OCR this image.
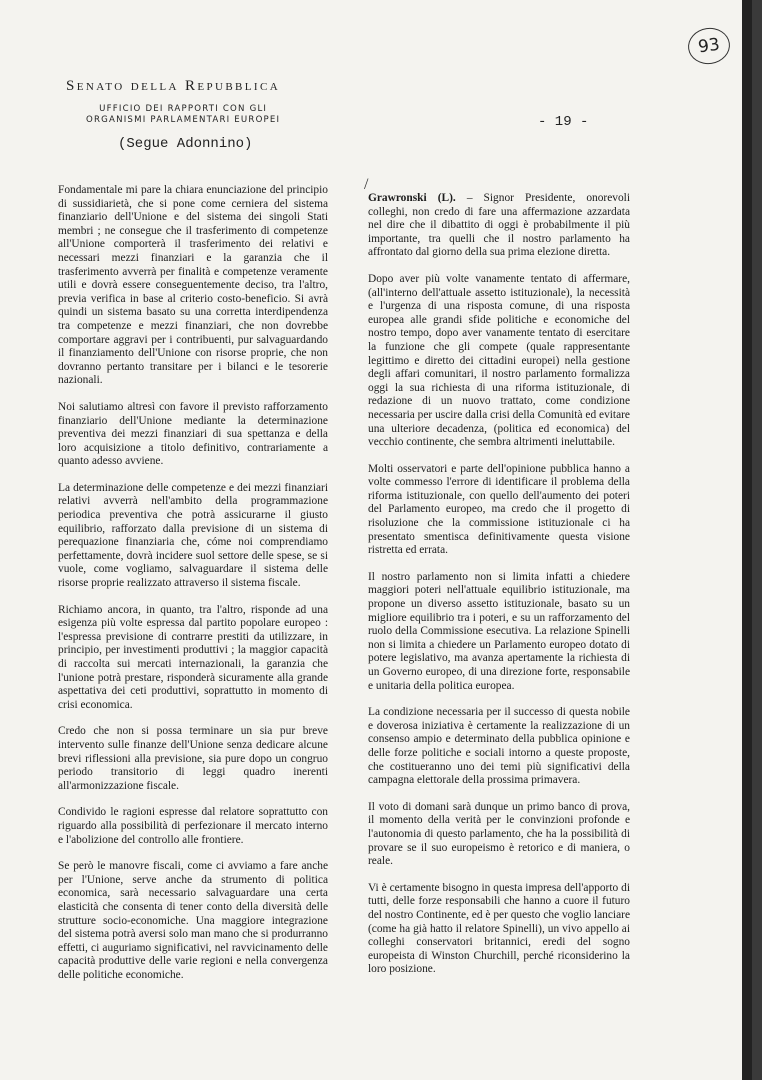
93
Senato della Repubblica
UFFICIO DEI RAPPORTI CON GLI
ORGANISMI PARLAMENTARI EUROPEI
(Segue Adonnino)
- 19 -

Fondamentale mi pare la chiara enunciazione del principio di sussidiarietà, che si pone come cerniera del sistema finanziario dell'Unione e del sistema dei singoli Stati membri ; ne consegue che il trasferimento di competenze all'Unione comporterà il trasferimento dei relativi e necessari mezzi finanziari e la garanzia che il trasferimento avverrà per finalità e competenze veramente utili e dovrà essere conseguentemente deciso, tra l'altro, previa verifica in base al criterio costo-beneficio. Si avrà quindi un sistema basato su una corretta interdipendenza tra competenze e mezzi finanziari, che non dovrebbe comportare aggravi per i contribuenti, pur salvaguardando il finanziamento dell'Unione con risorse proprie, che non dovranno pertanto transitare per i bilanci e le tesorerie nazionali.

Noi salutiamo altresì con favore il previsto rafforzamento finanziario dell'Unione mediante la determinazione preventiva dei mezzi finanziari di sua spettanza e della loro acquisizione a titolo definitivo, contrariamente a quanto adesso avviene.

La determinazione delle competenze e dei mezzi finanziari relativi avverrà nell'ambito della programmazione periodica preventiva che potrà assicurarne il giusto equilibrio, rafforzato dalla previsione di un sistema di perequazione finanziaria che, cóme noi comprendiamo perfettamente, dovrà incidere suol settore delle spese, se si vuole, come vogliamo, salvaguardare il sistema delle risorse proprie realizzato attraverso il sistema fiscale.

Richiamo ancora, in quanto, tra l'altro, risponde ad una esigenza più volte espressa dal partito popolare europeo : l'espressa previsione di contrarre prestiti da utilizzare, in principio, per investimenti produttivi ; la maggior capacità di raccolta sui mercati internazionali, la garanzia che l'unione potrà prestare, risponderà sicuramente alla grande aspettativa dei ceti produttivi, soprattutto in momento di crisi economica.

Credo che non si possa terminare un sia pur breve intervento sulle finanze dell'Unione senza dedicare alcune brevi riflessioni alla previsione, sia pure dopo un congruo periodo transitorio di leggi quadro inerenti all'armonizzazione fiscale.

Condivido le ragioni espresse dal relatore soprattutto con riguardo alla possibilità di perfezionare il mercato interno e l'abolizione del controllo alle frontiere.

Se però le manovre fiscali, come ci avviamo a fare anche per l'Unione, serve anche da strumento di politica economica, sarà necessario salvaguardare una certa elasticità che consenta di tener conto della diversità delle strutture socio-economiche. Una maggiore integrazione del sistema potrà aversi solo man mano che si produrranno effetti, ci auguriamo significativi, nel ravvicinamento delle capacità produttive delle varie regioni e nella convergenza delle politiche economiche.

/

Grawronski (L). – Signor Presidente, onorevoli colleghi, non credo di fare una affermazione azzardata nel dire che il dibattito di oggi è probabilmente il più importante, tra quelli che il nostro parlamento ha affrontato dal giorno della sua prima elezione diretta.

Dopo aver più volte vanamente tentato di affermare, (all'interno dell'attuale assetto istituzionale), la necessità e l'urgenza di una risposta comune, di una risposta europea alle grandi sfide politiche e economiche del nostro tempo, dopo aver vanamente tentato di esercitare la funzione che gli compete (quale rappresentante legittimo e diretto dei cittadini europei) nella gestione degli affari comunitari, il nostro parlamento formalizza oggi la sua richiesta di una riforma istituzionale, di redazione di un nuovo trattato, come condizione necessaria per uscire dalla crisi della Comunità ed evitare una ulteriore decadenza, (politica ed economica) del vecchio continente, che sembra altrimenti ineluttabile.

Molti osservatori e parte dell'opinione pubblica hanno a volte commesso l'errore di identificare il problema della riforma istituzionale, con quello dell'aumento dei poteri del Parlamento europeo, ma credo che il progetto di risoluzione che la commissione istituzionale ci ha presentato smentisca definitivamente questa visione ristretta ed errata.

Il nostro parlamento non si limita infatti a chiedere maggiori poteri nell'attuale equilibrio istituzionale, ma propone un diverso assetto istituzionale, basato su un migliore equilibrio tra i poteri, e su un rafforzamento del ruolo della Commissione esecutiva. La relazione Spinelli non si limita a chiedere un Parlamento europeo dotato di potere legislativo, ma avanza apertamente la richiesta di un Governo europeo, di una direzione forte, responsabile e unitaria della politica europea.

La condizione necessaria per il successo di questa nobile e doverosa iniziativa è certamente la realizzazione di un consenso ampio e determinato della pubblica opinione e delle forze politiche e sociali intorno a queste proposte, che costitueranno uno dei temi più significativi della campagna elettorale della prossima primavera.

Il voto di domani sarà dunque un primo banco di prova, il momento della verità per le convinzioni profonde e l'autonomia di questo parlamento, che ha la possibilità di provare se il suo europeismo è retorico e di maniera, o reale.

Vi è certamente bisogno in questa impresa dell'apporto di tutti, delle forze responsabili che hanno a cuore il futuro del nostro Continente, ed è per questo che voglio lanciare (come ha già hatto il relatore Spinelli), un vivo appello ai colleghi conservatori britannici, eredi del sogno europeista di Winston Churchill, perché riconsiderino la loro posizione.
